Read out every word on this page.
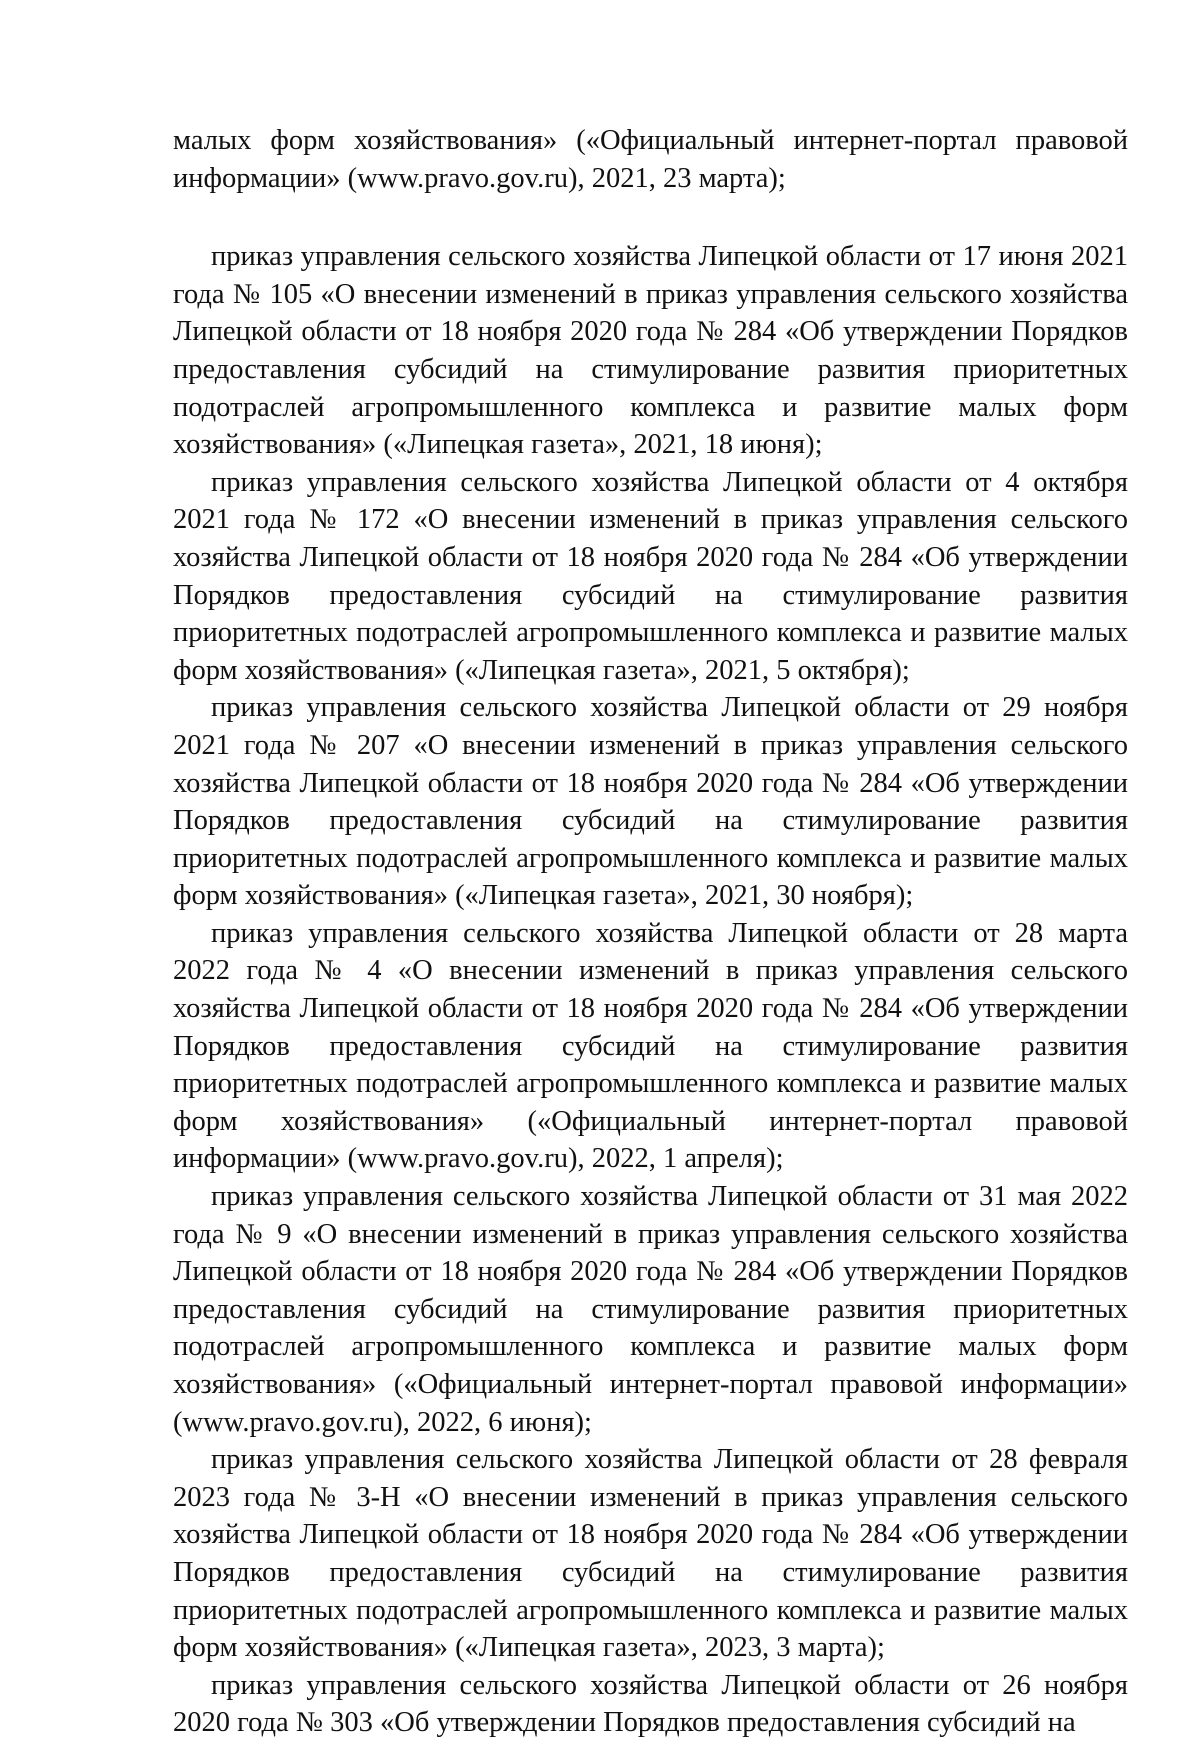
малых форм хозяйствования» («Официальный интернет-портал правовой информации» (www.pravo.gov.ru), 2021, 23 марта);

приказ управления сельского хозяйства Липецкой области от 17 июня 2021 года № 105 «О внесении изменений в приказ управления сельского хозяйства Липецкой области от 18 ноября 2020 года № 284 «Об утверждении Порядков предоставления субсидий на стимулирование развития приоритетных подотраслей агропромышленного комплекса и развитие малых форм хозяйствования» («Липецкая газета», 2021, 18 июня);

приказ управления сельского хозяйства Липецкой области от 4 октября 2021 года № 172 «О внесении изменений в приказ управления сельского хозяйства Липецкой области от 18 ноября 2020 года № 284 «Об утверждении Порядков предоставления субсидий на стимулирование развития приоритетных подотраслей агропромышленного комплекса и развитие малых форм хозяйствования» («Липецкая газета», 2021, 5 октября);

приказ управления сельского хозяйства Липецкой области от 29 ноября 2021 года № 207 «О внесении изменений в приказ управления сельского хозяйства Липецкой области от 18 ноября 2020 года № 284 «Об утверждении Порядков предоставления субсидий на стимулирование развития приоритетных подотраслей агропромышленного комплекса и развитие малых форм хозяйствования» («Липецкая газета», 2021, 30 ноября);

приказ управления сельского хозяйства Липецкой области от 28 марта 2022 года № 4 «О внесении изменений в приказ управления сельского хозяйства Липецкой области от 18 ноября 2020 года № 284 «Об утверждении Порядков предоставления субсидий на стимулирование развития приоритетных подотраслей агропромышленного комплекса и развитие малых форм хозяйствования» («Официальный интернет-портал правовой информации» (www.pravo.gov.ru), 2022, 1 апреля);

приказ управления сельского хозяйства Липецкой области от 31 мая 2022 года № 9 «О внесении изменений в приказ управления сельского хозяйства Липецкой области от 18 ноября 2020 года № 284 «Об утверждении Порядков предоставления субсидий на стимулирование развития приоритетных подотраслей агропромышленного комплекса и развитие малых форм хозяйствования» («Официальный интернет-портал правовой информации» (www.pravo.gov.ru), 2022, 6 июня);

приказ управления сельского хозяйства Липецкой области от 28 февраля 2023 года № 3-Н «О внесении изменений в приказ управления сельского хозяйства Липецкой области от 18 ноября 2020 года № 284 «Об утверждении Порядков предоставления субсидий на стимулирование развития приоритетных подотраслей агропромышленного комплекса и развитие малых форм хозяйствования» («Липецкая газета», 2023, 3 марта);

приказ управления сельского хозяйства Липецкой области от 26 ноября 2020 года № 303 «Об утверждении Порядков предоставления субсидий на
